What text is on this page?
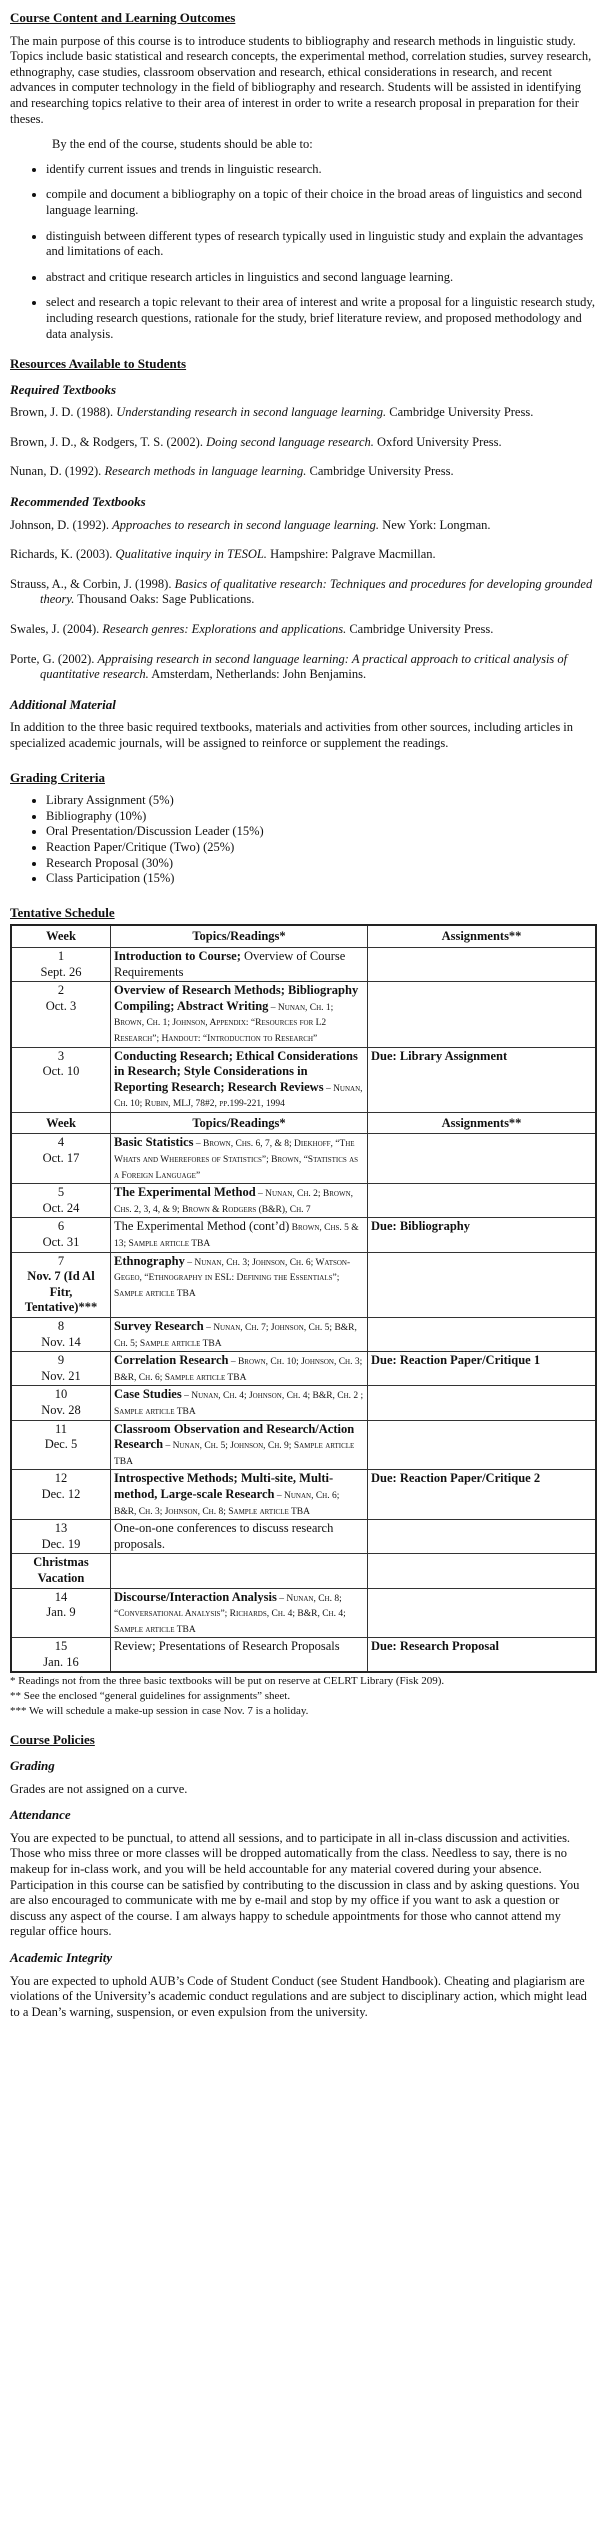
Course Content and Learning Outcomes

The main purpose of this course is to introduce students to bibliography and research methods in linguistic study. Topics include basic statistical and research concepts, the experimental method, correlation studies, survey research, ethnography, case studies, classroom observation and research, ethical considerations in research, and recent advances in computer technology in the field of bibliography and research. Students will be assisted in identifying and researching topics relative to their area of interest in order to write a research proposal in preparation for their theses.

By the end of the course, students should be able to:

• identify current issues and trends in linguistic research.
• compile and document a bibliography on a topic of their choice in the broad areas of linguistics and second language learning.
• distinguish between different types of research typically used in linguistic study and explain the advantages and limitations of each.
• abstract and critique research articles in linguistics and second language learning.
• select and research a topic relevant to their area of interest and write a proposal for a linguistic research study, including research questions, rationale for the study, brief literature review, and proposed methodology and data analysis.
Resources Available to Students
Required Textbooks

Brown, J. D. (1988). Understanding research in second language learning. Cambridge University Press.

Brown, J. D., & Rodgers, T. S. (2002). Doing second language research. Oxford University Press.

Nunan, D. (1992). Research methods in language learning. Cambridge University Press.

Recommended Textbooks

Johnson, D. (1992). Approaches to research in second language learning. New York: Longman.

Richards, K. (2003). Qualitative inquiry in TESOL. Hampshire: Palgrave Macmillan.

Strauss, A., & Corbin, J. (1998). Basics of qualitative research: Techniques and procedures for developing grounded theory. Thousand Oaks: Sage Publications.

Swales, J. (2004). Research genres: Explorations and applications. Cambridge University Press.

Porte, G. (2002). Appraising research in second language learning: A practical approach to critical analysis of quantitative research. Amsterdam, Netherlands: John Benjamins.

Additional Material

In addition to the three basic required textbooks, materials and activities from other sources, including articles in specialized academic journals, will be assigned to reinforce or supplement the readings.

Grading Criteria
• Library Assignment (5%)
• Bibliography (10%)
• Oral Presentation/Discussion Leader (15%)
• Reaction Paper/Critique (Two) (25%)
• Research Proposal (30%)
• Class Participation (15%)
Tentative Schedule
Week	Topics/Readings*	Assignments**

1
Sept. 26	Introduction to Course; Overview of Course Requirements	

2
Oct. 3	Overview of Research Methods; Bibliography Compiling; Abstract Writing – Nunan, Ch. 1; Brown, Ch. 1; Johnson, Appendix: “Resources for L2 Research”; Handout: “Introduction to Research”	

3
Oct. 10	Conducting Research; Ethical Considerations in Research; Style Considerations in Reporting Research; Research Reviews – Nunan, Ch. 10; Rubin, MLJ, 78#2, pp.199-221, 1994	Due: Library Assignment
Week	Topics/Readings*	Assignments**

4
Oct. 17	Basic Statistics – Brown, Chs. 6, 7, & 8; Diekhoff, “The Whats and Wherefores of Statistics”; Brown, “Statistics as a Foreign Language”	

5
Oct. 24	The Experimental Method – Nunan, Ch. 2; Brown, Chs. 2, 3, 4, & 9; Brown & Rodgers (B&R), Ch. 7	

6
Oct. 31	The Experimental Method (cont’d) Brown, Chs. 5 & 13; Sample article TBA	Due: Bibliography

7
Nov. 7 (Id Al Fitr, Tentative)***	Ethnography – Nunan, Ch. 3; Johnson, Ch. 6; Watson-Gegeo, “Ethnography in ESL: Defining the Essentials”; Sample article TBA	

8
Nov. 14	Survey Research – Nunan, Ch. 7; Johnson, Ch. 5; B&R, Ch. 5; Sample article TBA	

9
Nov. 21	Correlation Research – Brown, Ch. 10; Johnson, Ch. 3; B&R, Ch. 6; Sample article TBA	Due: Reaction Paper/Critique 1

10
Nov. 28	Case Studies – Nunan, Ch. 4; Johnson, Ch. 4; B&R, Ch. 2 ; Sample article TBA	

11
Dec. 5	Classroom Observation and Research/Action Research – Nunan, Ch. 5; Johnson, Ch. 9; Sample article TBA	

12
Dec. 12	Introspective Methods; Multi-site, Multi-method, Large-scale Research – Nunan, Ch. 6; B&R, Ch. 3; Johnson, Ch. 8; Sample article TBA	Due: Reaction Paper/Critique 2

13
Dec. 19	One-on-one conferences to discuss research proposals.	

Christmas Vacation		

14
Jan. 9	Discourse/Interaction Analysis – Nunan, Ch. 8; “Conversational Analysis”; Richards, Ch. 4; B&R, Ch. 4; Sample article TBA	

15
Jan. 16	Review; Presentations of Research Proposals	Due: Research Proposal

* Readings not from the three basic textbooks will be put on reserve at CELRT Library (Fisk 209).

** See the enclosed “general guidelines for assignments” sheet.

*** We will schedule a make-up session in case Nov. 7 is a holiday.

Course Policies
Grading

Grades are not assigned on a curve.

Attendance

You are expected to be punctual, to attend all sessions, and to participate in all in-class discussion and activities. Those who miss three or more classes will be dropped automatically from the class. Needless to say, there is no makeup for in-class work, and you will be held accountable for any material covered during your absence. Participation in this course can be satisfied by contributing to the discussion in class and by asking questions. You are also encouraged to communicate with me by e-mail and stop by my office if you want to ask a question or discuss any aspect of the course. I am always happy to schedule appointments for those who cannot attend my regular office hours.

Academic Integrity

You are expected to uphold AUB’s Code of Student Conduct (see Student Handbook). Cheating and plagiarism are violations of the University’s academic conduct regulations and are subject to disciplinary action, which might lead to a Dean’s warning, suspension, or even expulsion from the university.
